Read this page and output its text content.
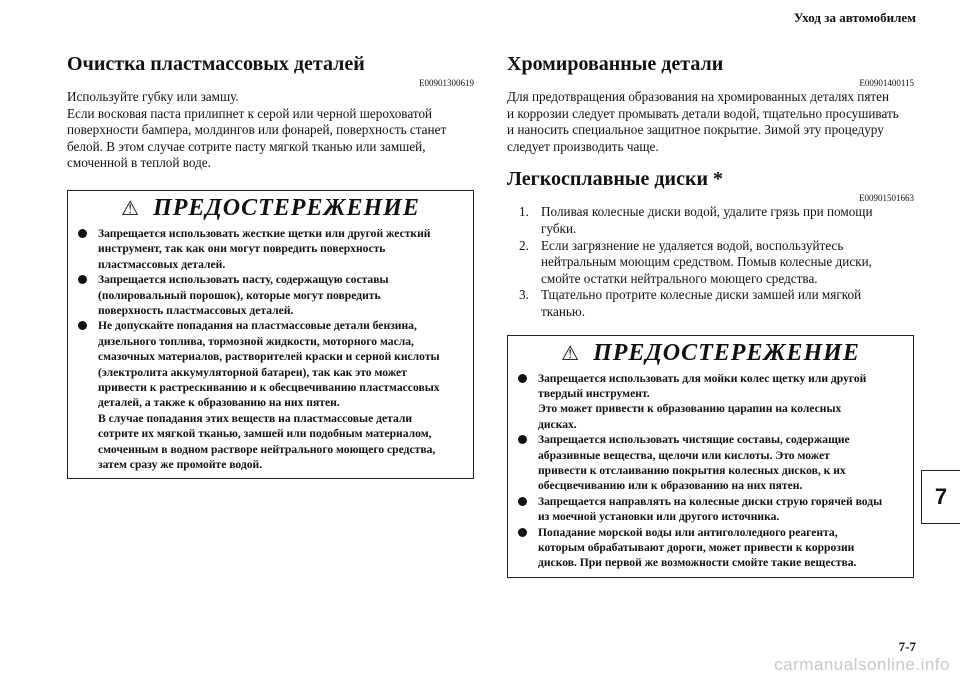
Уход за автомобилем
Очистка пластмассовых деталей
E00901300619

Используйте губку или замшу.
Если восковая паста прилипнет к серой или черной шероховатой
поверхности бампера, молдингов или фонарей, поверхность станет
белой. В этом случае сотрите пасту мягкой тканью или замшей,
смоченной в теплой воде.

⚠ ПРЕДОСТЕРЕЖЕНИЕ
Запрещается использовать жесткие щетки или другой жесткий
инструмент, так как они могут повредить поверхность
пластмассовых деталей.
Запрещается использовать пасту, содержащую составы
(полировальный порошок), которые могут повредить
поверхность пластмассовых деталей.
Не допускайте попадания на пластмассовые детали бензина,
дизельного топлива, тормозной жидкости, моторного масла,
смазочных материалов, растворителей краски и серной кислоты
(электролита аккумуляторной батареи), так как это может
привести к растрескиванию и к обесцвечиванию пластмассовых
деталей, а также к образованию на них пятен.
В случае попадания этих веществ на пластмассовые детали
сотрите их мягкой тканью, замшей или подобным материалом,
смоченным в водном растворе нейтрального моющего средства,
затем сразу же промойте водой.
Хромированные детали
E00901400115

Для предотвращения образования на хромированных деталях пятен
и коррозии следует промывать детали водой, тщательно просушивать
и наносить специальное защитное покрытие. Зимой эту процедуру
следует производить чаще.

Легкосплавные диски *
E00901501663
1. Поливая колесные диски водой, удалите грязь при помощи
губки.
2. Если загрязнение не удаляется водой, воспользуйтесь
нейтральным моющим средством. Помыв колесные диски,
смойте остатки нейтрального моющего средства.
3. Тщательно протрите колесные диски замшей или мягкой
тканью.
⚠ ПРЕДОСТЕРЕЖЕНИЕ
Запрещается использовать для мойки колес щетку или другой
твердый инструмент.
Это может привести к образованию царапин на колесных
дисках.
Запрещается использовать чистящие составы, содержащие
абразивные вещества, щелочи или кислоты. Это может
привести к отслаиванию покрытия колесных дисков, к их
обесцвечиванию или к образованию на них пятен.
Запрещается направлять на колесные диски струю горячей воды
из моечной установки или другого источника.
Попадание морской воды или антигололедного реагента,
которым обрабатывают дороги, может привести к коррозии
дисков. При первой же возможности смойте такие вещества.
7
7-7
carmanualsonline.info
